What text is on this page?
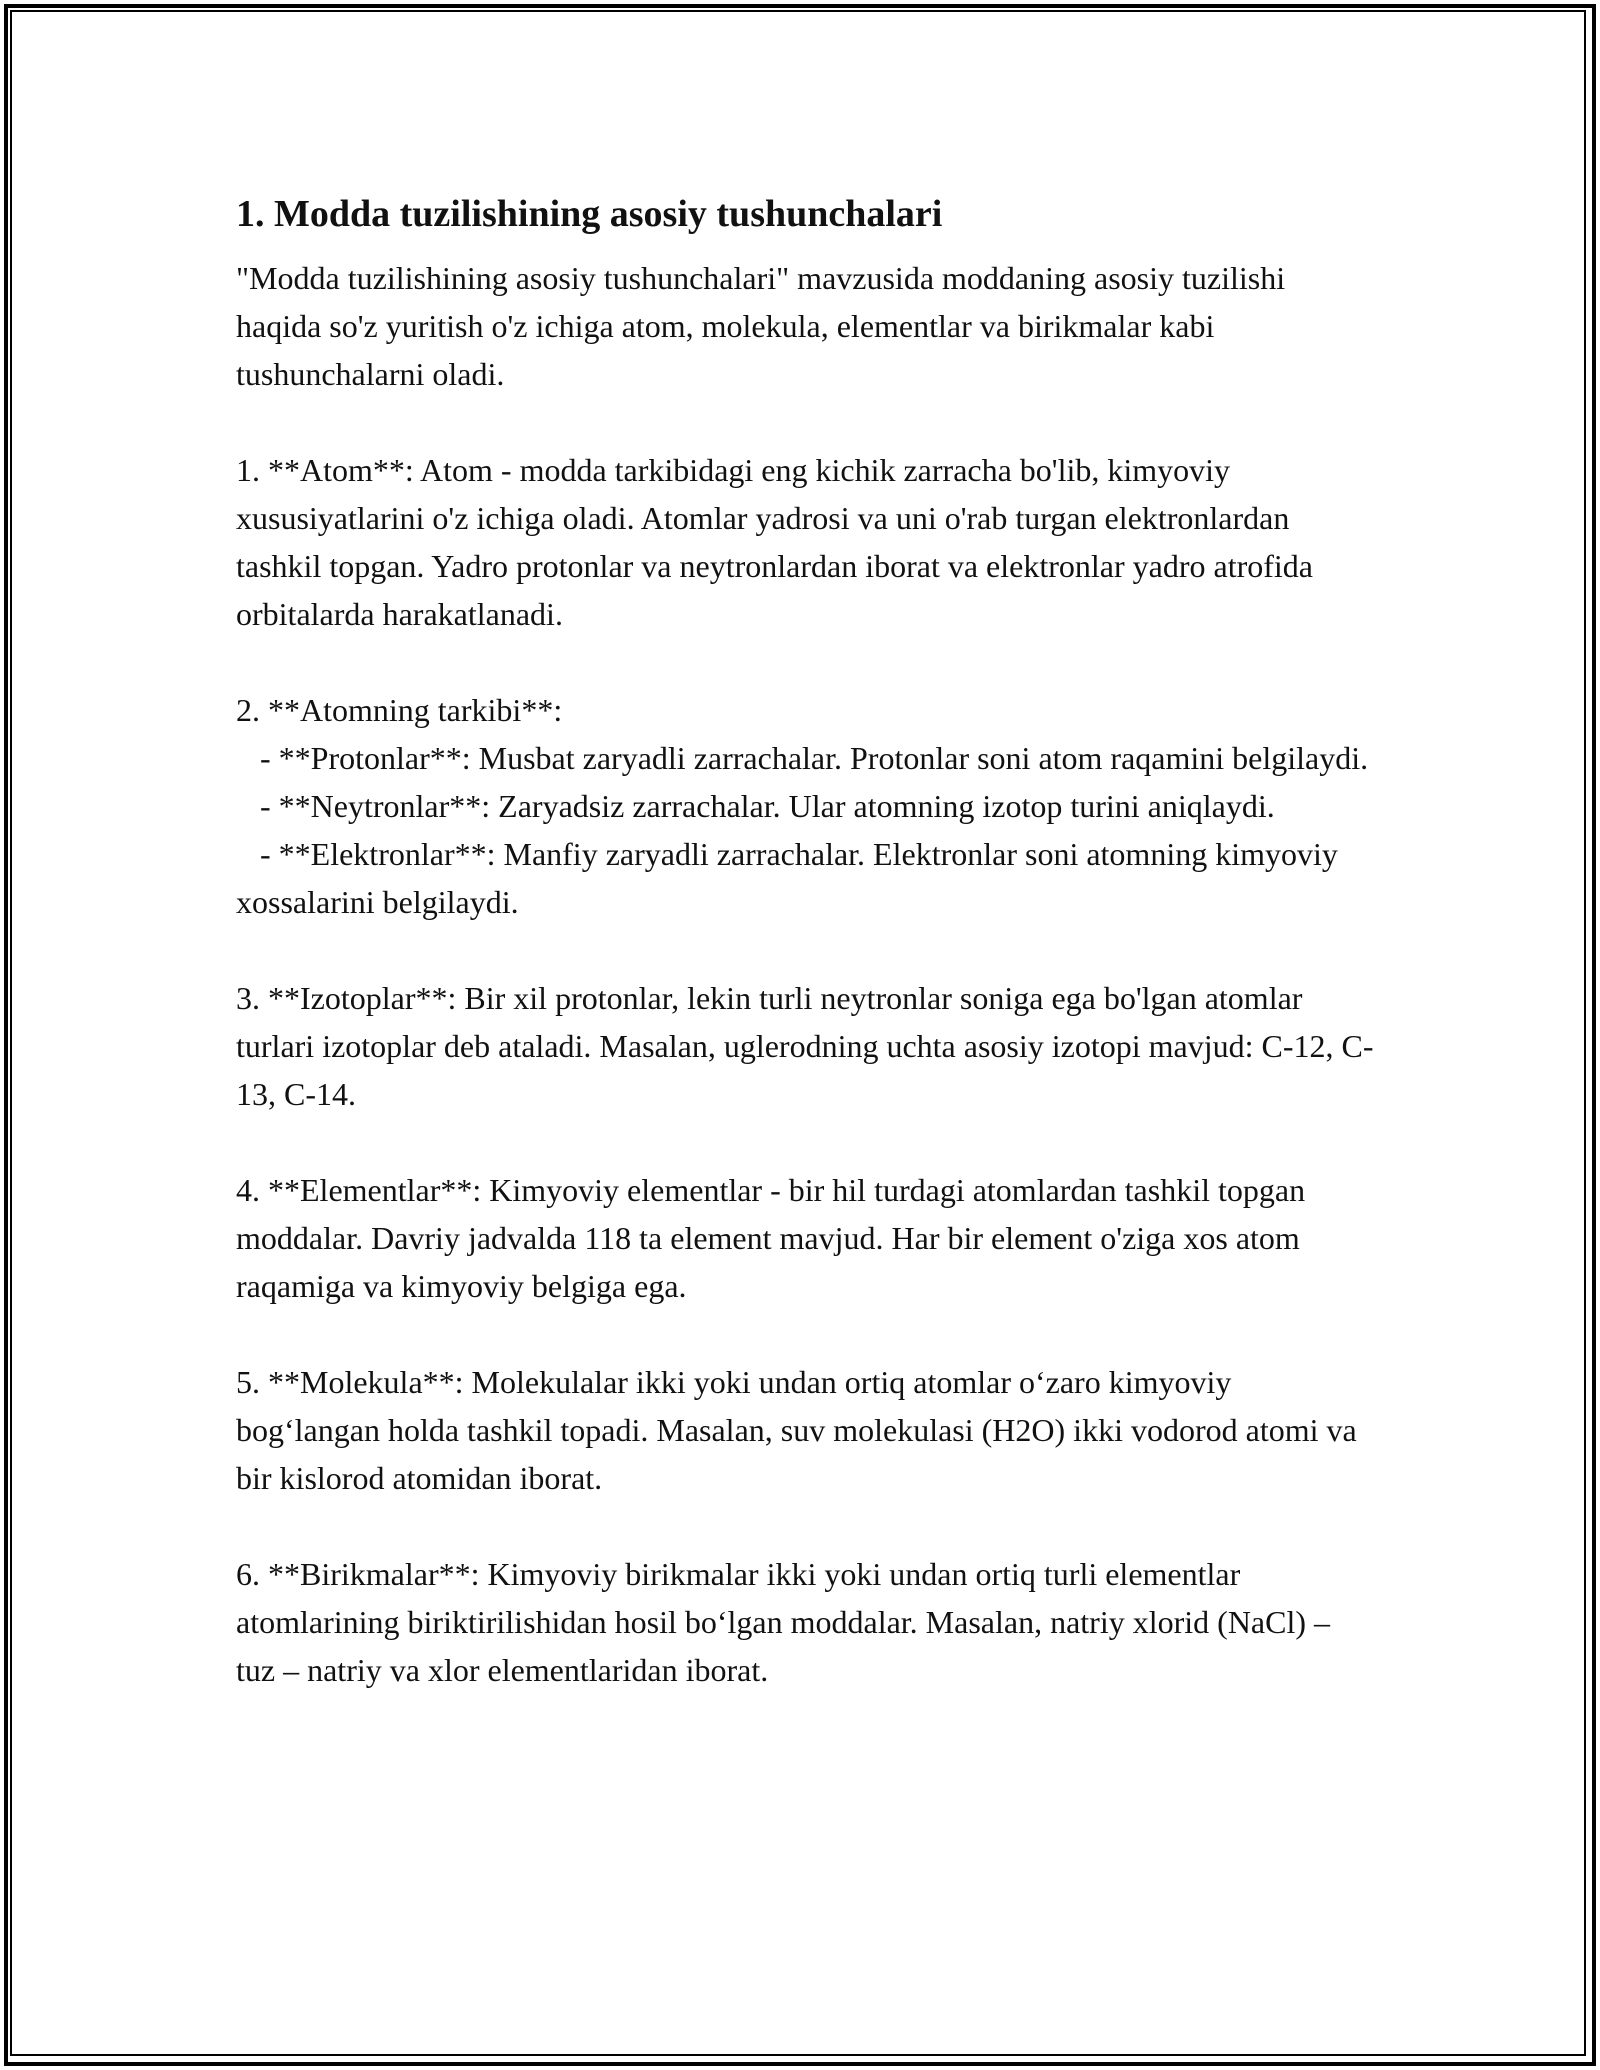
1. Modda tuzilishining asosiy tushunchalari

"Modda tuzilishining asosiy tushunchalari" mavzusida moddaning asosiy tuzilishi haqida so'z yuritish o'z ichiga atom, molekula, elementlar va birikmalar kabi tushunchalarni oladi.

1. **Atom**: Atom - modda tarkibidagi eng kichik zarracha bo'lib, kimyoviy xususiyatlarini o'z ichiga oladi. Atomlar yadrosi va uni o'rab turgan elektronlardan tashkil topgan. Yadro protonlar va neytronlardan iborat va elektronlar yadro atrofida orbitalarda harakatlanadi.

2. **Atomning tarkibi**:

- **Protonlar**: Musbat zaryadli zarrachalar. Protonlar soni atom raqamini belgilaydi.

- **Neytronlar**: Zaryadsiz zarrachalar. Ular atomning izotop turini aniqlaydi.

- **Elektronlar**: Manfiy zaryadli zarrachalar. Elektronlar soni atomning kimyoviy xossalarini belgilaydi.

3. **Izotoplar**: Bir xil protonlar, lekin turli neytronlar soniga ega bo'lgan atomlar turlari izotoplar deb ataladi. Masalan, uglerodning uchta asosiy izotopi mavjud: C-12, C-13, C-14.

4. **Elementlar**: Kimyoviy elementlar - bir hil turdagi atomlardan tashkil topgan moddalar. Davriy jadvalda 118 ta element mavjud. Har bir element o'ziga xos atom raqamiga va kimyoviy belgiga ega.

5. **Molekula**: Molekulalar ikki yoki undan ortiq atomlar o‘zaro kimyoviy bog‘langan holda tashkil topadi. Masalan, suv molekulasi (H2O) ikki vodorod atomi va bir kislorod atomidan iborat.

6. **Birikmalar**: Kimyoviy birikmalar ikki yoki undan ortiq turli elementlar atomlarining biriktirilishidan hosil bo‘lgan moddalar. Masalan, natriy xlorid (NaCl) – tuz – natriy va xlor elementlaridan iborat.
